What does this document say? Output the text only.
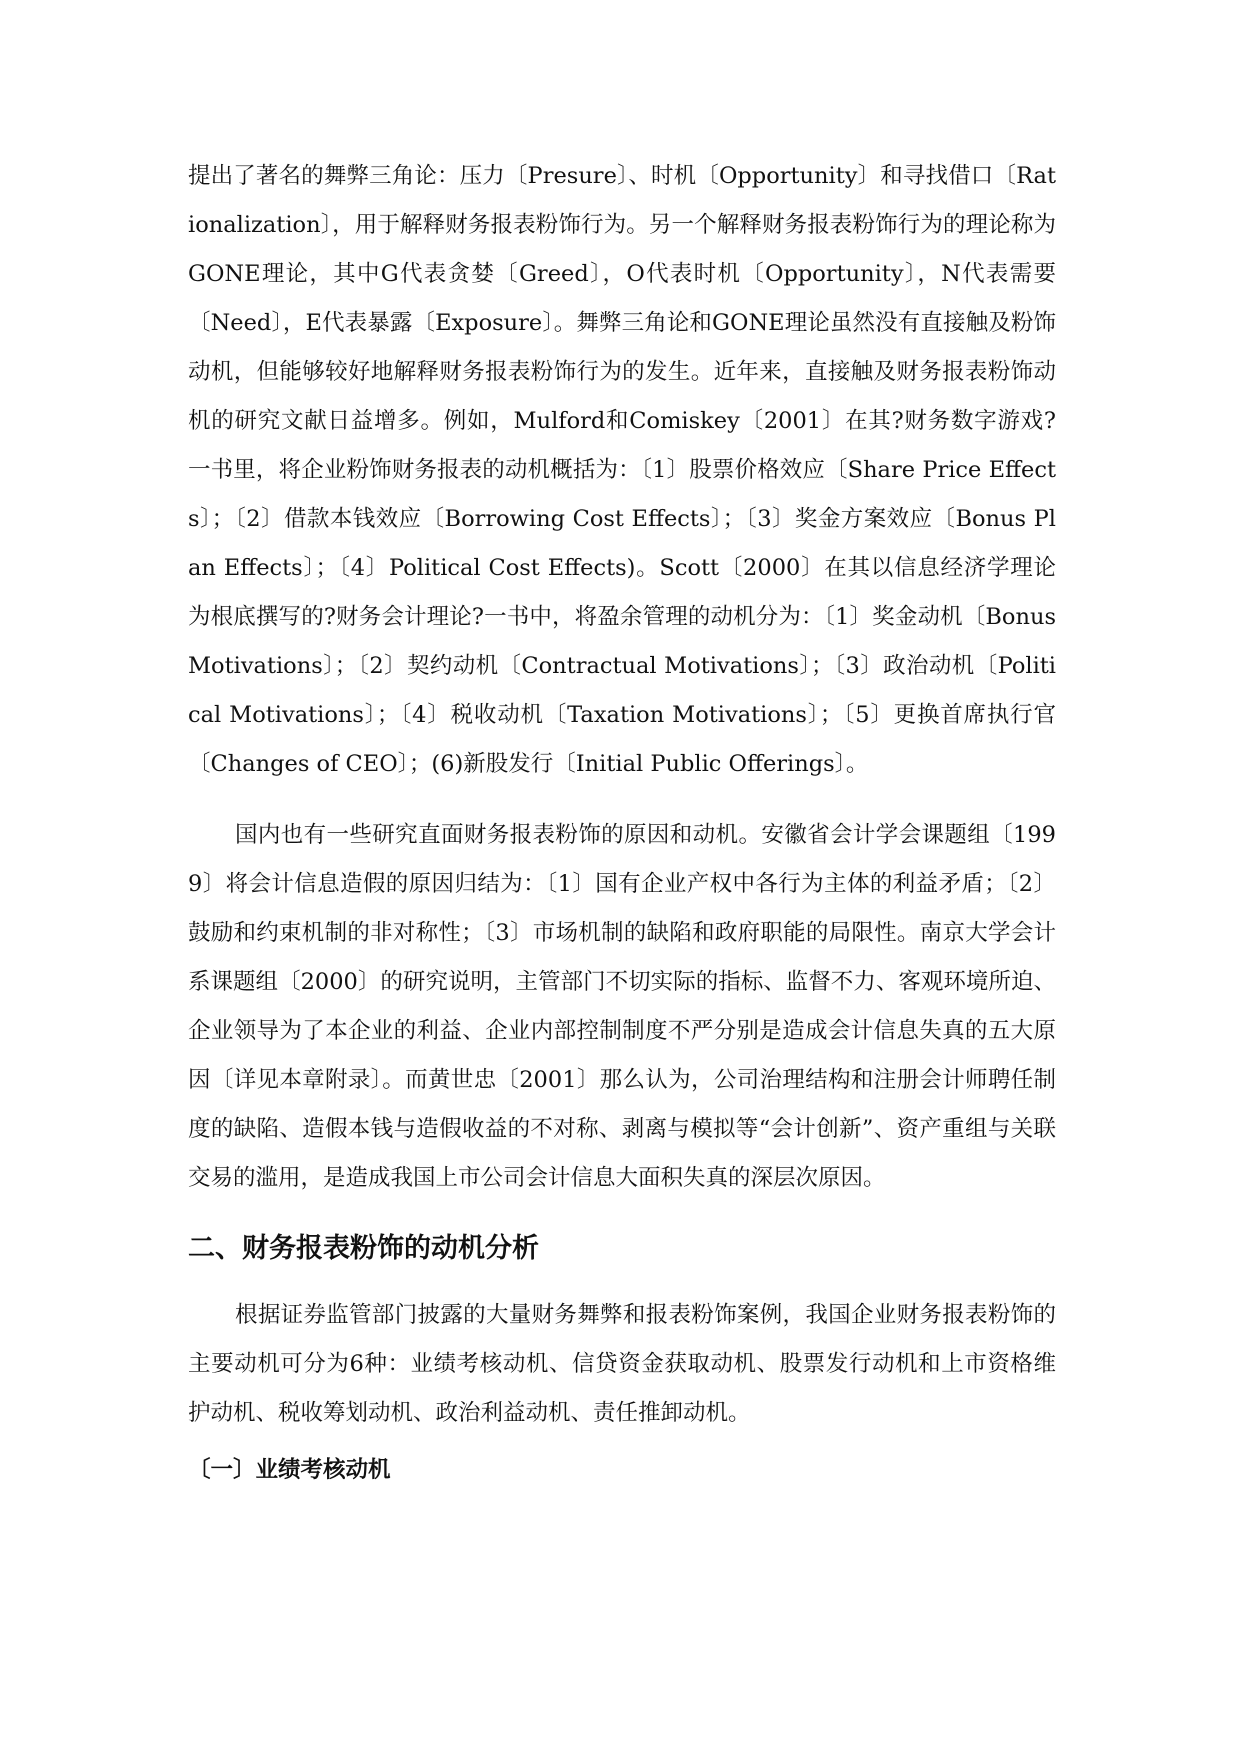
提出了著名的舞弊三角论：压力〔Presure〕、时机〔Opportunity〕和寻找借口〔Rationalization〕，用于解释财务报表粉饰行为。另一个解释财务报表粉饰行为的理论称为GONE理论，其中G代表贪婪〔Greed〕，O代表时机〔Opportunity〕，N代表需要〔Need〕，E代表暴露〔Exposure〕。舞弊三角论和GONE理论虽然没有直接触及粉饰动机，但能够较好地解释财务报表粉饰行为的发生。近年来，直接触及财务报表粉饰动机的研究文献日益增多。例如，Mulford和Comiskey〔2001〕在其?财务数字游戏?一书里，将企业粉饰财务报表的动机概括为：〔1〕股票价格效应〔Share Price Effects〕；〔2〕借款本钱效应〔Borrowing Cost Effects〕；〔3〕奖金方案效应〔Bonus Plan Effects〕；〔4〕Political Cost Effects)。Scott〔2000〕在其以信息经济学理论为根底撰写的?财务会计理论?一书中，将盈余管理的动机分为：〔1〕奖金动机〔Bonus Motivations〕；〔2〕契约动机〔Contractual Motivations〕；〔3〕政治动机〔Political Motivations〕；〔4〕税收动机〔Taxation Motivations〕；〔5〕更换首席执行官〔Changes of CEO〕；(6)新股发行〔Initial Public Offerings〕。

国内也有一些研究直面财务报表粉饰的原因和动机。安徽省会计学会课题组〔1999〕将会计信息造假的原因归结为：〔1〕国有企业产权中各行为主体的利益矛盾；〔2〕鼓励和约束机制的非对称性；〔3〕市场机制的缺陷和政府职能的局限性。南京大学会计系课题组〔2000〕的研究说明，主管部门不切实际的指标、监督不力、客观环境所迫、企业领导为了本企业的利益、企业内部控制制度不严分别是造成会计信息失真的五大原因〔详见本章附录〕。而黄世忠〔2001〕那么认为，公司治理结构和注册会计师聘任制度的缺陷、造假本钱与造假收益的不对称、剥离与模拟等“会计创新”、资产重组与关联交易的滥用，是造成我国上市公司会计信息大面积失真的深层次原因。

二、财务报表粉饰的动机分析

根据证券监管部门披露的大量财务舞弊和报表粉饰案例，我国企业财务报表粉饰的主要动机可分为6种：业绩考核动机、信贷资金获取动机、股票发行动机和上市资格维护动机、税收筹划动机、政治利益动机、责任推卸动机。

〔一〕业绩考核动机
